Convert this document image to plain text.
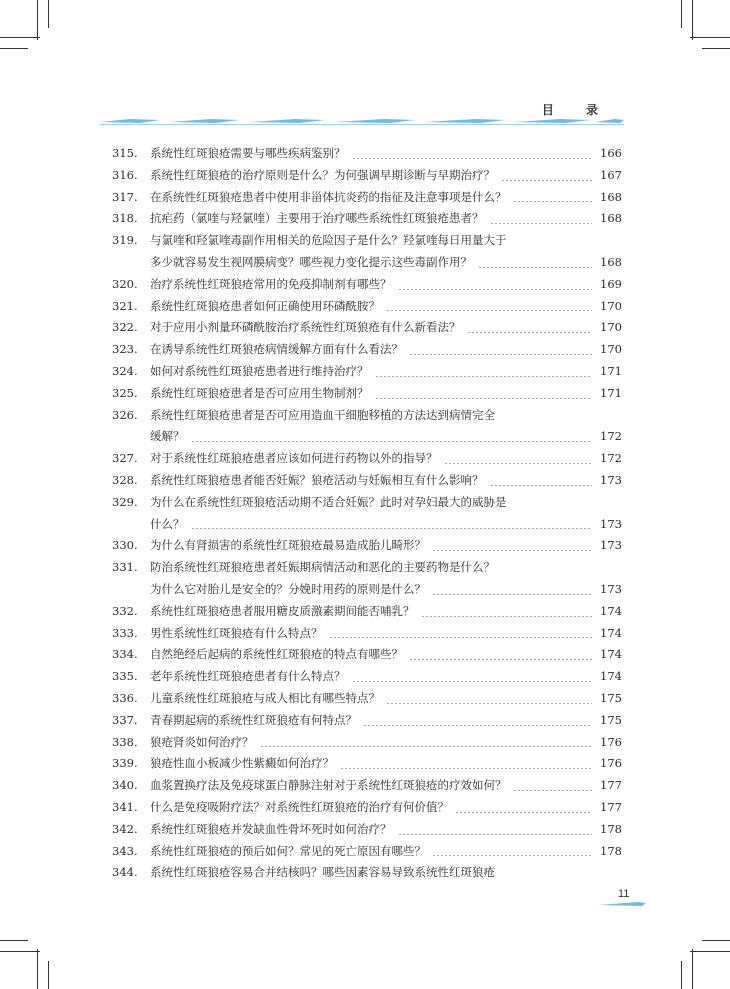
目 录
315.	系统性红斑狼疮需要与哪些疾病鉴别？	166
316.	系统性红斑狼疮的治疗原则是什么？为何强调早期诊断与早期治疗？	167
317.	在系统性红斑狼疮患者中使用非甾体抗炎药的指征及注意事项是什么？	168
318.	抗疟药（氯喹与羟氯喹）主要用于治疗哪些系统性红斑狼疮患者？	168
319.	与氯喹和羟氯喹毒副作用相关的危险因子是什么？羟氯喹每日用量大于
多少就容易发生视网膜病变？哪些视力变化提示这些毒副作用？	168
320.	治疗系统性红斑狼疮常用的免疫抑制剂有哪些？	169
321.	系统性红斑狼疮患者如何正确使用环磷酰胺？	170
322.	对于应用小剂量环磷酰胺治疗系统性红斑狼疮有什么新看法？	170
323.	在诱导系统性红斑狼疮病情缓解方面有什么看法？	170
324.	如何对系统性红斑狼疮患者进行维持治疗？	171
325.	系统性红斑狼疮患者是否可应用生物制剂？	171
326.	系统性红斑狼疮患者是否可应用造血干细胞移植的方法达到病情完全
缓解？	172
327.	对于系统性红斑狼疮患者应该如何进行药物以外的指导？	172
328.	系统性红斑狼疮患者能否妊娠？狼疮活动与妊娠相互有什么影响？	173
329.	为什么在系统性红斑狼疮活动期不适合妊娠？此时对孕妇最大的威胁是
什么？	173
330.	为什么有肾损害的系统性红斑狼疮最易造成胎儿畸形？	173
331.	防治系统性红斑狼疮患者妊娠期病情活动和恶化的主要药物是什么？
为什么它对胎儿是安全的？分娩时用药的原则是什么？	173
332.	系统性红斑狼疮患者服用糖皮质激素期间能否哺乳？	174
333.	男性系统性红斑狼疮有什么特点？	174
334.	自然绝经后起病的系统性红斑狼疮的特点有哪些？	174
335.	老年系统性红斑狼疮患者有什么特点？	174
336.	儿童系统性红斑狼疮与成人相比有哪些特点？	175
337.	青春期起病的系统性红斑狼疮有何特点？	175
338.	狼疮肾炎如何治疗？	176
339.	狼疮性血小板减少性紫癜如何治疗？	176
340.	血浆置换疗法及免疫球蛋白静脉注射对于系统性红斑狼疮的疗效如何？	177
341.	什么是免疫吸附疗法？对系统性红斑狼疮的治疗有何价值？	177
342.	系统性红斑狼疮并发缺血性骨坏死时如何治疗？	178
343.	系统性红斑狼疮的预后如何？常见的死亡原因有哪些？	178
344.	系统性红斑狼疮容易合并结核吗？哪些因素容易导致系统性红斑狼疮
11
